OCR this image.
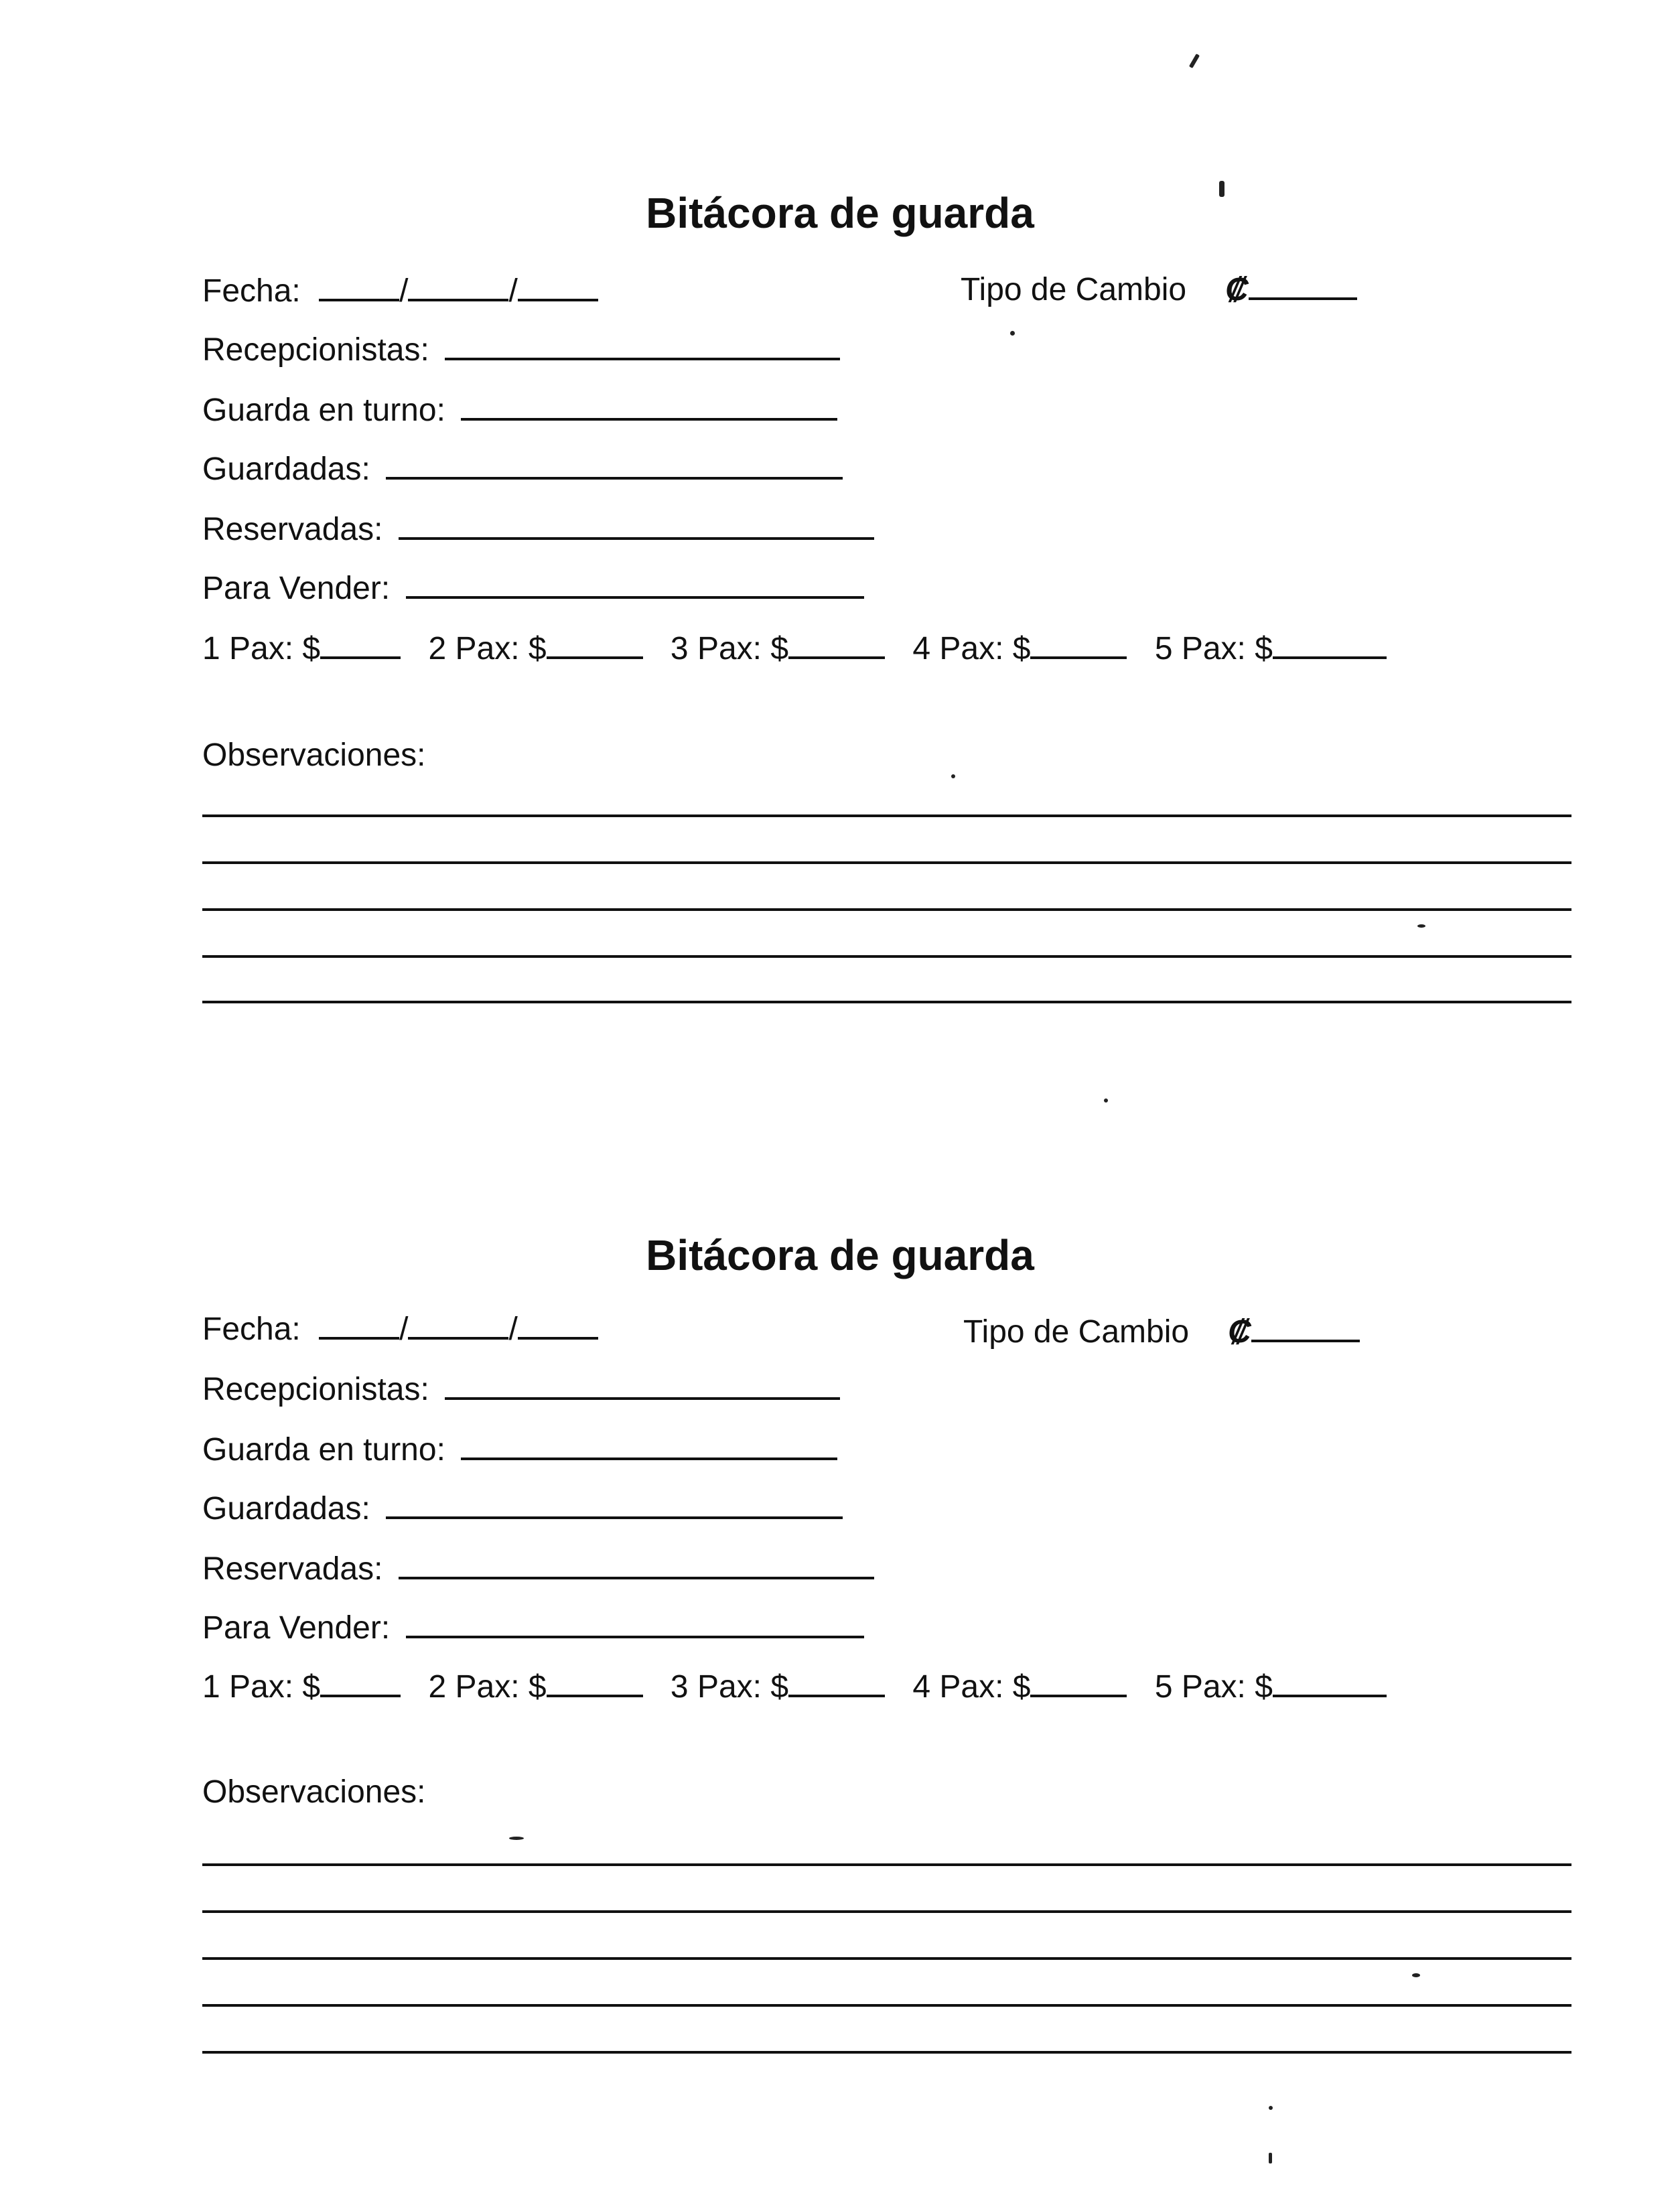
Bitácora de guarda
Fecha:	/	/	Tipo de Cambio ₡
Recepcionistas:
Guarda en turno:
Guardadas:
Reservadas:
Para Vender:
1 Pax: $	2 Pax: $	3 Pax: $	4 Pax: $	5 Pax: $
Observaciones:
Bitácora de guarda
Fecha:	/	/	Tipo de Cambio ₡
Recepcionistas:
Guarda en turno:
Guardadas:
Reservadas:
Para Vender:
1 Pax: $	2 Pax: $	3 Pax: $	4 Pax: $	5 Pax: $
Observaciones:
